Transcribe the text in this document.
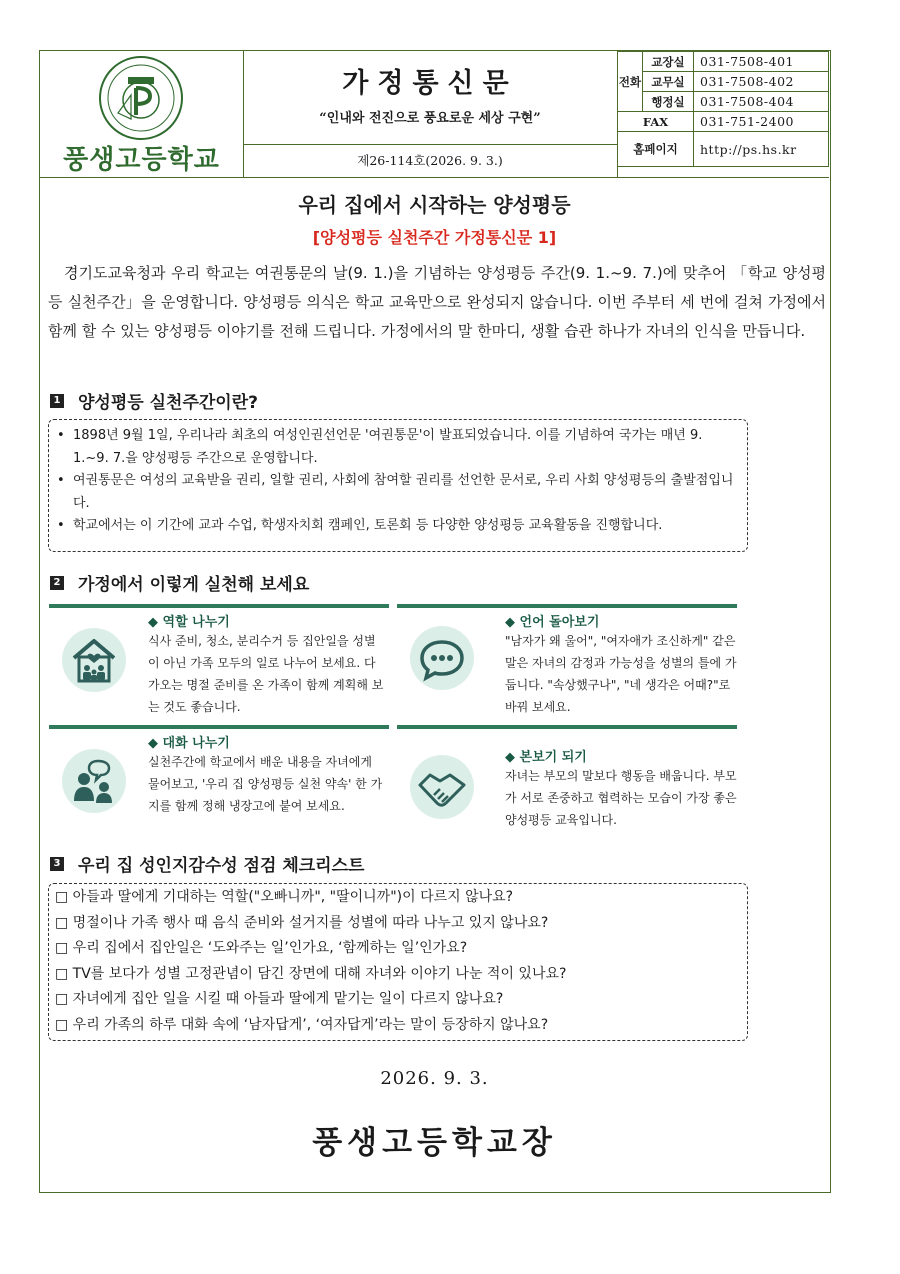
풍생고등학교
가정통신문
“인내와 전진으로 풍요로운 세상 구현”
제26-114호(2026. 9. 3.)
전화	교장실	031-7508-401
	교무실	031-7508-402
	행정실	031-7508-404
FAX		031-751-2400
홈페이지		http://ps.hs.kr
우리 집에서 시작하는 양성평등
[양성평등 실천주간 가정통신문 1]
경기도교육청과 우리 학교는 여권통문의 날(9. 1.)을 기념하는 양성평등 주간(9. 1.~9. 7.)에 맞추어 「학교 양성평등 실천주간」을 운영합니다. 양성평등 의식은 학교 교육만으로 완성되지 않습니다. 이번 주부터 세 번에 걸쳐 가정에서 함께 할 수 있는 양성평등 이야기를 전해 드립니다. 가정에서의 말 한마디, 생활 습관 하나가 자녀의 인식을 만듭니다.
1 양성평등 실천주간이란?

• 1898년 9월 1일, 우리나라 최초의 여성인권선언문 '여권통문'이 발표되었습니다. 이를 기념하여 국가는 매년 9. 1.~9. 7.을 양성평등 주간으로 운영합니다.

• 여권통문은 여성의 교육받을 권리, 일할 권리, 사회에 참여할 권리를 선언한 문서로, 우리 사회 양성평등의 출발점입니다.

• 학교에서는 이 기간에 교과 수업, 학생자치회 캠페인, 토론회 등 다양한 양성평등 교육활동을 진행합니다.

2 가정에서 이렇게 실천해 보세요
◆ 역할 나누기
식사 준비, 청소, 분리수거 등 집안일을 성별이 아닌 가족 모두의 일로 나누어 보세요. 다가오는 명절 준비를 온 가족이 함께 계획해 보는 것도 좋습니다.
◆ 언어 돌아보기
"남자가 왜 울어", "여자애가 조신하게" 같은 말은 자녀의 감정과 가능성을 성별의 틀에 가둡니다. "속상했구나", "네 생각은 어때?"로 바꿔 보세요.
◆ 대화 나누기
실천주간에 학교에서 배운 내용을 자녀에게 물어보고, '우리 집 양성평등 실천 약속' 한 가지를 함께 정해 냉장고에 붙여 보세요.
◆ 본보기 되기
자녀는 부모의 말보다 행동을 배웁니다. 부모가 서로 존중하고 협력하는 모습이 가장 좋은 양성평등 교육입니다.
3 우리 집 성인지감수성 점검 체크리스트

□ 아들과 딸에게 기대하는 역할("오빠니까", "딸이니까")이 다르지 않나요?

□ 명절이나 가족 행사 때 음식 준비와 설거지를 성별에 따라 나누고 있지 않나요?

□ 우리 집에서 집안일은 ‘도와주는 일’인가요, ‘함께하는 일’인가요?

□ TV를 보다가 성별 고정관념이 담긴 장면에 대해 자녀와 이야기 나눈 적이 있나요?

□ 자녀에게 집안 일을 시킬 때 아들과 딸에게 맡기는 일이 다르지 않나요?

□ 우리 가족의 하루 대화 속에 ‘남자답게’, ‘여자답게’라는 말이 등장하지 않나요?

2026. 9. 3.
풍생고등학교장
